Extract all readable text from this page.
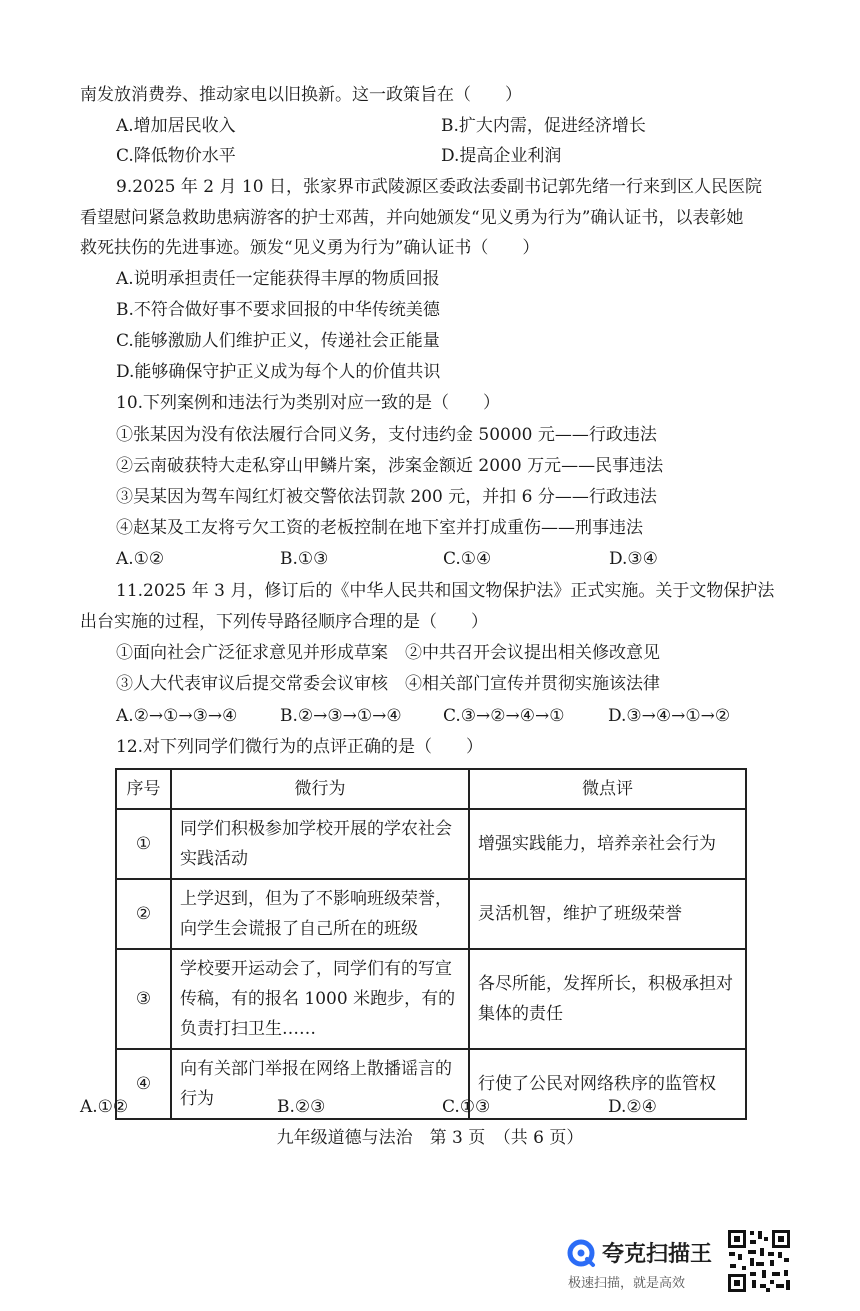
南发放消费券、推动家电以旧换新。这一政策旨在（　　）
A.增加居民收入	B.扩大内需，促进经济增长
C.降低物价水平	D.提高企业利润
9.2025 年 2 月 10 日，张家界市武陵源区委政法委副书记郭先绪一行来到区人民医院
看望慰问紧急救助患病游客的护士邓茜，并向她颁发“见义勇为行为”确认证书，以表彰她
救死扶伤的先进事迹。颁发“见义勇为行为”确认证书（　　）
A.说明承担责任一定能获得丰厚的物质回报
B.不符合做好事不要求回报的中华传统美德
C.能够激励人们维护正义，传递社会正能量
D.能够确保守护正义成为每个人的价值共识
10.下列案例和违法行为类别对应一致的是（　　）
①张某因为没有依法履行合同义务，支付违约金 50000 元——行政违法
②云南破获特大走私穿山甲鳞片案，涉案金额近 2000 万元——民事违法
③吴某因为驾车闯红灯被交警依法罚款 200 元，并扣 6 分——行政违法
④赵某及工友将亏欠工资的老板控制在地下室并打成重伤——刑事违法
A.①②	B.①③	C.①④	D.③④
11.2025 年 3 月，修订后的《中华人民共和国文物保护法》正式实施。关于文物保护法
出台实施的过程，下列传导路径顺序合理的是（　　）
①面向社会广泛征求意见并形成草案　②中共召开会议提出相关修改意见
③人大代表审议后提交常委会议审核　④相关部门宣传并贯彻实施该法律
A.②→①→③→④	B.②→③→①→④ C.③→②→④→①	D.③→④→①→②
12.对下列同学们微行为的点评正确的是（　　）
序号	微行为	微点评
①	同学们积极参加学校开展的学农社会实践活动	增强实践能力，培养亲社会行为
②	上学迟到，但为了不影响班级荣誉，向学生会谎报了自己所在的班级	灵活机智，维护了班级荣誉
③	学校要开运动会了，同学们有的写宣传稿，有的报名 1000 米跑步，有的负责打扫卫生……	各尽所能，发挥所长，积极承担对集体的责任
④	向有关部门举报在网络上散播谣言的行为	行使了公民对网络秩序的监管权
A.①②	B.②③	C.①③	D.②④
九年级道德与法治　第 3 页　（共 6 页）
夸克扫描王
极速扫描，就是高效
